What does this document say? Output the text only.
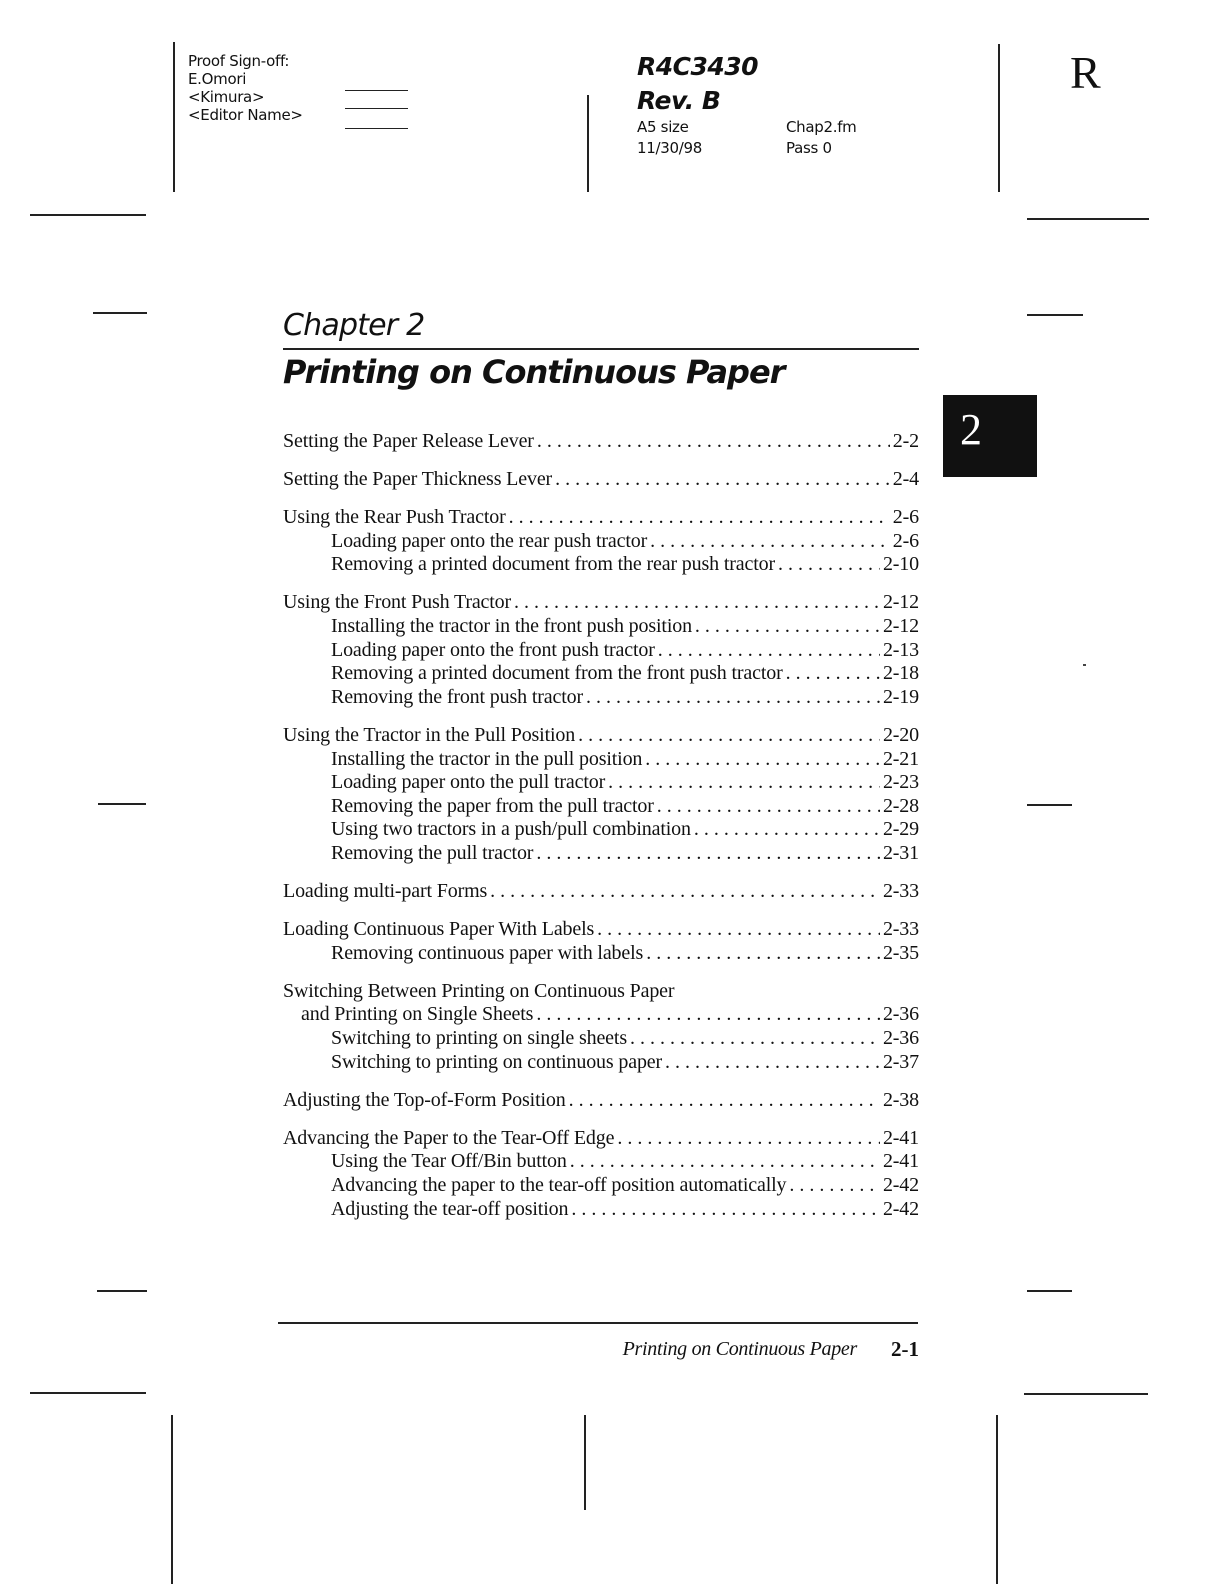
Proof Sign-off:
E.Omori
<Kimura>
<Editor Name>
R4C3430
Rev. B
A5 size
11/30/98
Chap2.fm
Pass 0
R
Chapter 2
Printing on Continuous Paper
2
Setting the Paper Release Lever . . .	2-2
Setting the Paper Thickness Lever . . .	2-4
Using the Rear Push Tractor . . .	2-6
Loading paper onto the rear push tractor . . .	2-6
Removing a printed document from the rear push tractor . . .	2-10
Using the Front Push Tractor . . .	2-12
Installing the tractor in the front push position . . .	2-12
Loading paper onto the front push tractor . . .	2-13
Removing a printed document from the front push tractor . . .	2-18
Removing the front push tractor . . .	2-19
Using the Tractor in the Pull Position . . .	2-20
Installing the tractor in the pull position . . .	2-21
Loading paper onto the pull tractor . . .	2-23
Removing the paper from the pull tractor . . .	2-28
Using two tractors in a push/pull combination . . .	2-29
Removing the pull tractor . . .	2-31
Loading multi-part Forms . . .	2-33
Loading Continuous Paper With Labels . . .	2-33
Removing continuous paper with labels . . .	2-35
Switching Between Printing on Continuous Paper
and Printing on Single Sheets . . .	2-36
Switching to printing on single sheets . . .	2-36
Switching to printing on continuous paper . . .	2-37
Adjusting the Top-of-Form Position . . .	2-38
Advancing the Paper to the Tear-Off Edge . . .	2-41
Using the Tear Off/Bin button . . .	2-41
Advancing the paper to the tear-off position automatically . . .	2-42
Adjusting the tear-off position . . .	2-42
Printing on Continuous Paper 2-1
